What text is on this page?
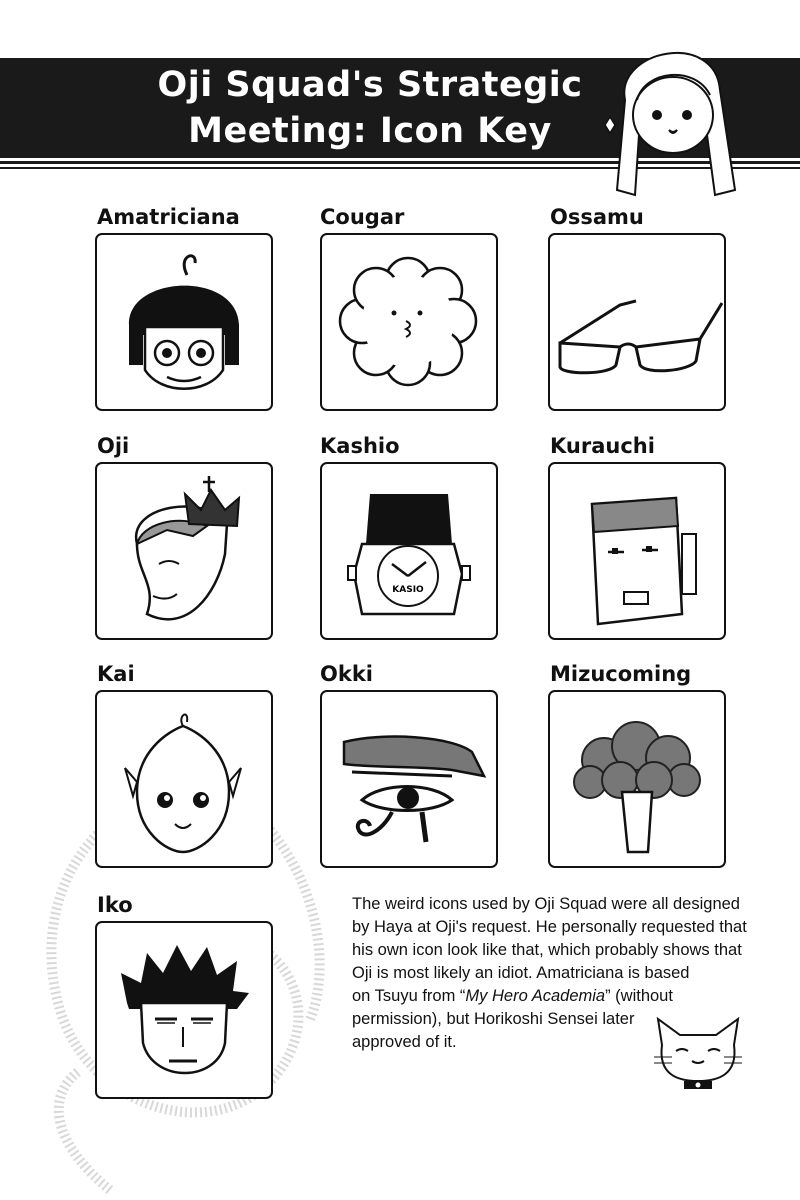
Oji Squad's Strategic
Meeting: Icon Key
Amatriciana	Cougar	Ossamu
Oji	Kashio
KASIO
Kurauchi
Kai	Okki	Mizucoming
Iko	The weird icons used by Oji Squad were all designed
by Haya at Oji's request. He personally requested that
his own icon look like that, which probably shows that
Oji is most likely an idiot. Amatriciana is based
on Tsuyu from “My Hero Academia” (without
permission), but Horikoshi Sensei later
approved of it.
